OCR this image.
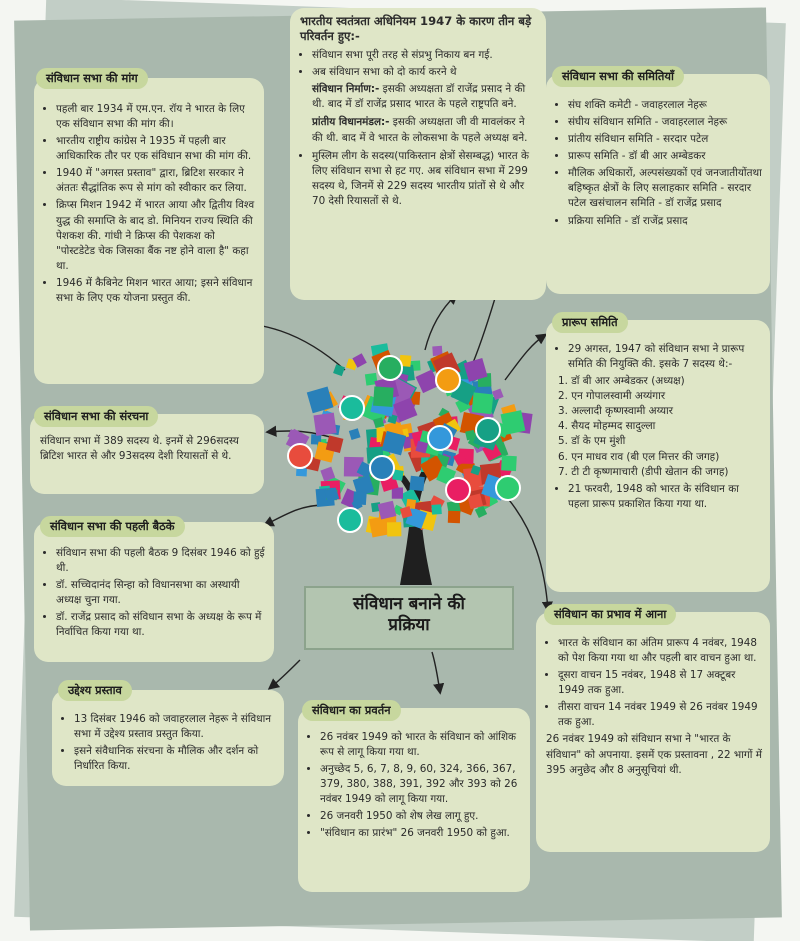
• पहली बार 1934 में एम.एन. रॉय ने भारत के लिए एक संविधान सभा की मांग की।
• भारतीय राष्ट्रीय कांग्रेस ने 1935 में पहली बार आधिकारिक तौर पर एक संविधान सभा की मांग की.
• 1940 में "अगस्त प्रस्ताव" द्वारा, ब्रिटिश सरकार ने अंततः सैद्धांतिक रूप से मांग को स्वीकार कर लिया.
• क्रिप्स मिशन 1942 में भारत आया और द्वितीय विश्व युद्ध की समाप्ति के बाद डो. मिनियन राज्य स्थिति की पेशकश की. गांधी ने क्रिप्स की पेशकश को "पोस्टडेटेड चेक जिसका बैंक नष्ट होने वाला है" कहा था.
• 1946 में कैबिनेट मिशन भारत आया; इसने संविधान सभा के लिए एक योजना प्रस्तुत की.
संविधान सभा की मांग

संविधान सभा में 389 सदस्य थे. इनमें से 296सदस्य ब्रिटिश भारत से और 93सदस्य देशी रियासतों से थे.

संविधान सभा की संरचना
• संविधान सभा की पहली बैठक 9 दिसंबर 1946 को हुई थी.
• डॉ. सच्चिदानंद सिन्हा को विधानसभा का अस्थायी अध्यक्ष चुना गया.
• डॉ. राजेंद्र प्रसाद को संविधान सभा के अध्यक्ष के रूप में निर्वाचित किया गया था.
संविधान सभा की पहली बैठके
• 13 दिसंबर 1946 को जवाहरलाल नेहरू ने संविधान सभा में उद्देश्य प्रस्ताव प्रस्तुत किया.
• इसने संवैधानिक संरचना के मौलिक और दर्शन को निर्धारित किया.
उद्देश्य प्रस्ताव
भारतीय स्वतंत्रता अधिनियम 1947 के कारण तीन बड़े परिवर्तन हुए:-
• संविधान सभा पूरी तरह से संप्रभु निकाय बन गई.
• अब संविधान सभा को दो कार्य करने थे

संविधान निर्माण:- इसकी अध्यक्षता डॉ राजेंद्र प्रसाद ने की थी. बाद में डॉ राजेंद्र प्रसाद भारत के पहले राष्ट्रपति बने.

प्रांतीय विधानमंडल:- इसकी अध्यक्षता जी वी मावलंकर ने की थी. बाद में वे भारत के लोकसभा के पहले अध्यक्ष बने.

• मुस्लिम लीग के सदस्य(पाकिस्तान क्षेत्रों सेसम्बद्ध) भारत के लिए संविधान सभा से हट गए. अब संविधान सभा में 299 सदस्य थे, जिनमें से 229 सदस्य भारतीय प्रांतों से थे और 70 देसी रियासतों से थे.
• संघ शक्ति कमेटी - जवाहरलाल नेहरू
• संघीय संविधान समिति - जवाहरलाल नेहरू
• प्रांतीय संविधान समिति - सरदार पटेल
• प्रारूप समिति - डॉ बी आर अम्बेडकर
• मौलिक अधिकारों, अल्पसंख्यकों एवं जनजातीयोंतथा बहिष्कृत क्षेत्रों के लिए सलाहकार समिति - सरदार पटेल खसंचालन समिति - डॉ राजेंद्र प्रसाद
• प्रक्रिया समिति - डॉ राजेंद्र प्रसाद
संविधान सभा की समितियाँ
• 29 अगस्त, 1947 को संविधान सभा ने प्रारूप समिति की नियुक्ति की. इसके 7 सदस्य थे:-
1. डॉ बी आर अम्बेडकर (अध्यक्ष)
2. एन गोपालस्वामी अय्यंगार
3. अल्लादी कृष्णस्वामी अय्यार
4. सैयद मोहम्मद सादुल्ला
5. डॉ के एम मुंशी
6. एन माधव राव (बी एल मित्तर की जगह)
7. टी टी कृष्णमाचारी (डीपी खेतान की जगह)
• 21 फरवरी, 1948 को भारत के संविधान का पहला प्रारूप प्रकाशित किया गया था.
प्रारूप समिति
• भारत के संविधान का अंतिम प्रारूप 4 नवंबर, 1948 को पेश किया गया था और पहली बार वाचन हुआ था.
• दूसरा वाचन 15 नवंबर, 1948 से 17 अक्टूबर 1949 तक हुआ.
• तीसरा वाचन 14 नवंबर 1949 से 26 नवंबर 1949 तक हुआ.

26 नवंबर 1949 को संविधान सभा ने "भारत के संविधान" को अपनाया. इसमें एक प्रस्तावना , 22 भागों में 395 अनुछेद और 8 अनुसूचियां थी.

संविधान का प्रभाव में आना
• 26 नवंबर 1949 को भारत के संविधान को आंशिक रूप से लागू किया गया था.
• अनुच्छेद 5, 6, 7, 8, 9, 60, 324, 366, 367, 379, 380, 388, 391, 392 और 393 को 26 नवंबर 1949 को लागू किया गया.
• 26 जनवरी 1950 को शेष लेख लागू हुए.
• "संविधान का प्रारंभ" 26 जनवरी 1950 को हुआ.
संविधान का प्रवर्तन
संविधान बनाने की
प्रक्रिया
